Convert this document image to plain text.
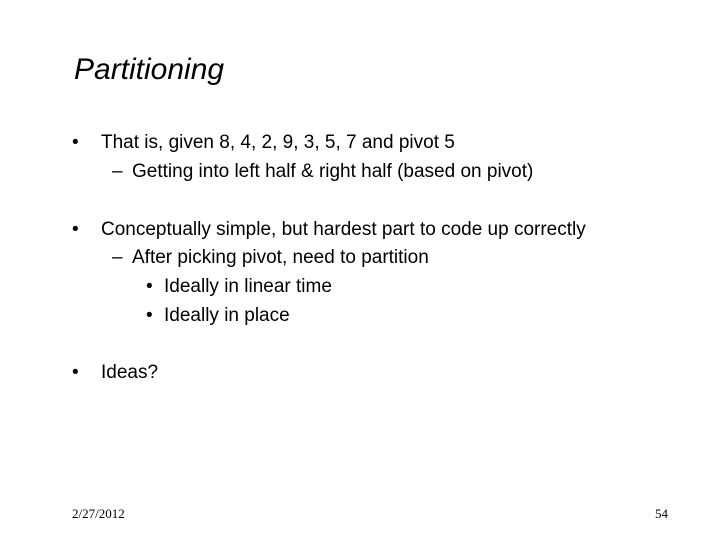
Partitioning
• That is, given 8, 4, 2, 9, 3, 5, 7 and pivot 5
– Getting into left half & right half (based on pivot)
• Conceptually simple, but hardest part to code up correctly
– After picking pivot, need to partition
• Ideally in linear time
• Ideally in place
• Ideas?
2/27/2012	54
